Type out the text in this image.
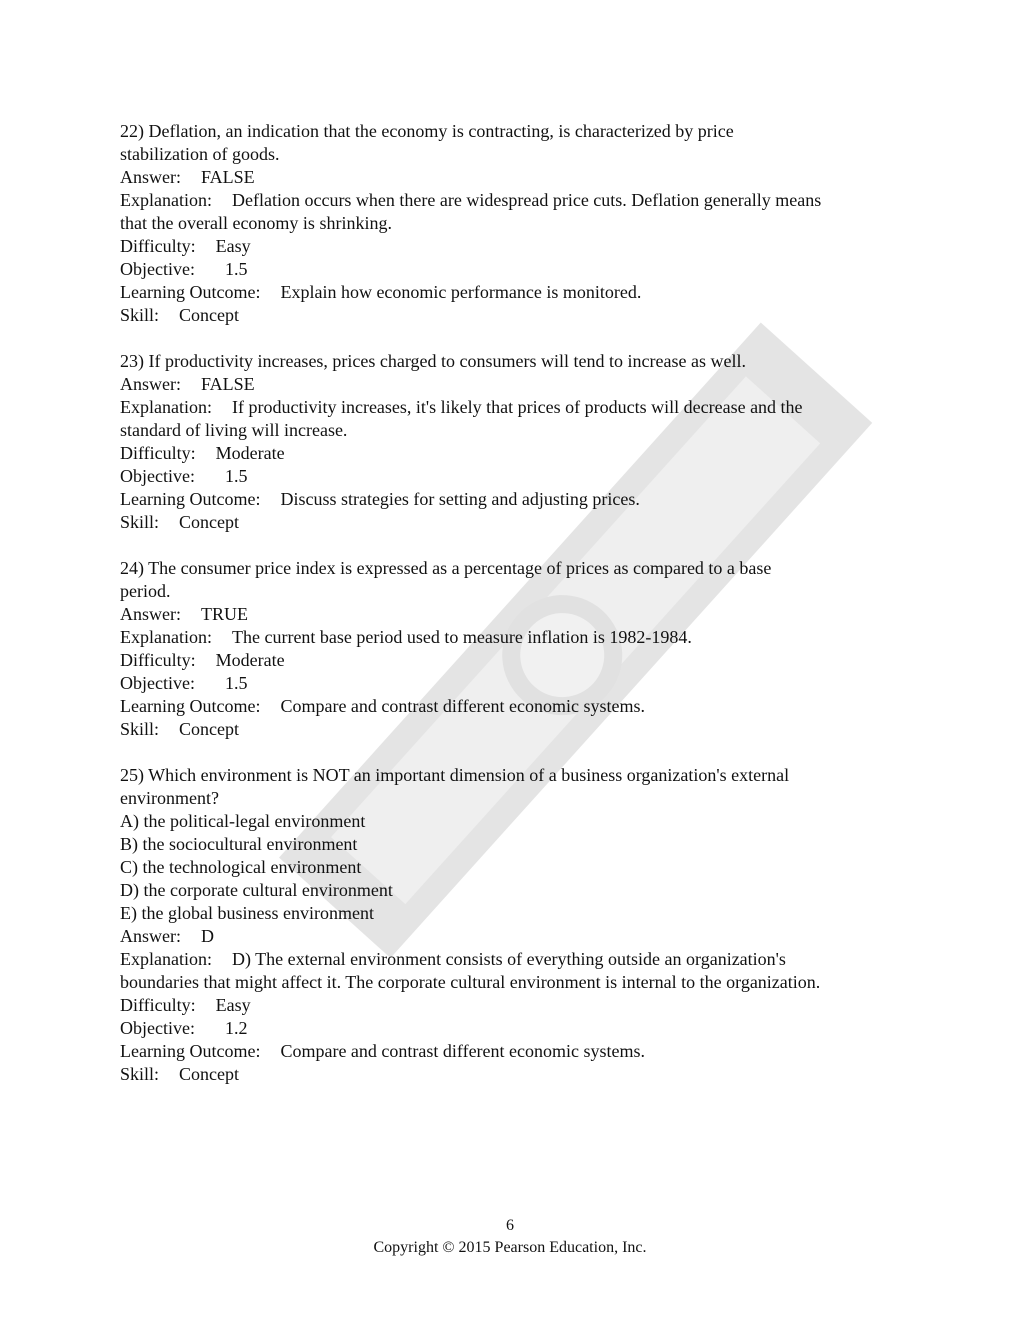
22) Deflation, an indication that the economy is contracting, is characterized by price

stabilization of goods.

Answer: FALSE

Explanation: Deflation occurs when there are widespread price cuts. Deflation generally means

that the overall economy is shrinking.

Difficulty: Easy

Objective: 1.5

Learning Outcome: Explain how economic performance is monitored.

Skill: Concept

23) If productivity increases, prices charged to consumers will tend to increase as well.

Answer: FALSE

Explanation: If productivity increases, it's likely that prices of products will decrease and the

standard of living will increase.

Difficulty: Moderate

Objective: 1.5

Learning Outcome: Discuss strategies for setting and adjusting prices.

Skill: Concept

24) The consumer price index is expressed as a percentage of prices as compared to a base

period.

Answer: TRUE

Explanation: The current base period used to measure inflation is 1982-1984.

Difficulty: Moderate

Objective: 1.5

Learning Outcome: Compare and contrast different economic systems.

Skill: Concept

25) Which environment is NOT an important dimension of a business organization's external

environment?

A) the political-legal environment

B) the sociocultural environment

C) the technological environment

D) the corporate cultural environment

E) the global business environment

Answer: D

Explanation: D) The external environment consists of everything outside an organization's

boundaries that might affect it. The corporate cultural environment is internal to the organization.

Difficulty: Easy

Objective: 1.2

Learning Outcome: Compare and contrast different economic systems.

Skill: Concept

6
Copyright © 2015 Pearson Education, Inc.
